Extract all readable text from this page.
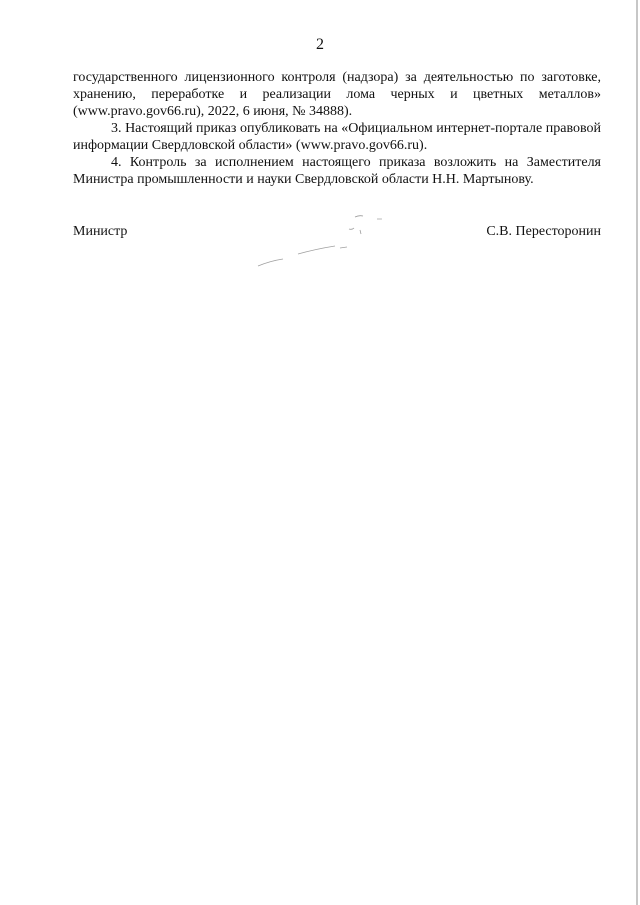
2

государственного лицензионного контроля (надзора) за деятельностью по заготовке, хранению, переработке и реализации лома черных и цветных металлов» (www.pravo.gov66.ru), 2022, 6 июня, № 34888).

3. Настоящий приказ опубликовать на «Официальном интернет-портале правовой информации Свердловской области» (www.pravo.gov66.ru).

4. Контроль за исполнением настоящего приказа возложить на Заместителя Министра промышленности и науки Свердловской области Н.Н. Мартынову.

Министр	С.В. Пересторонин
